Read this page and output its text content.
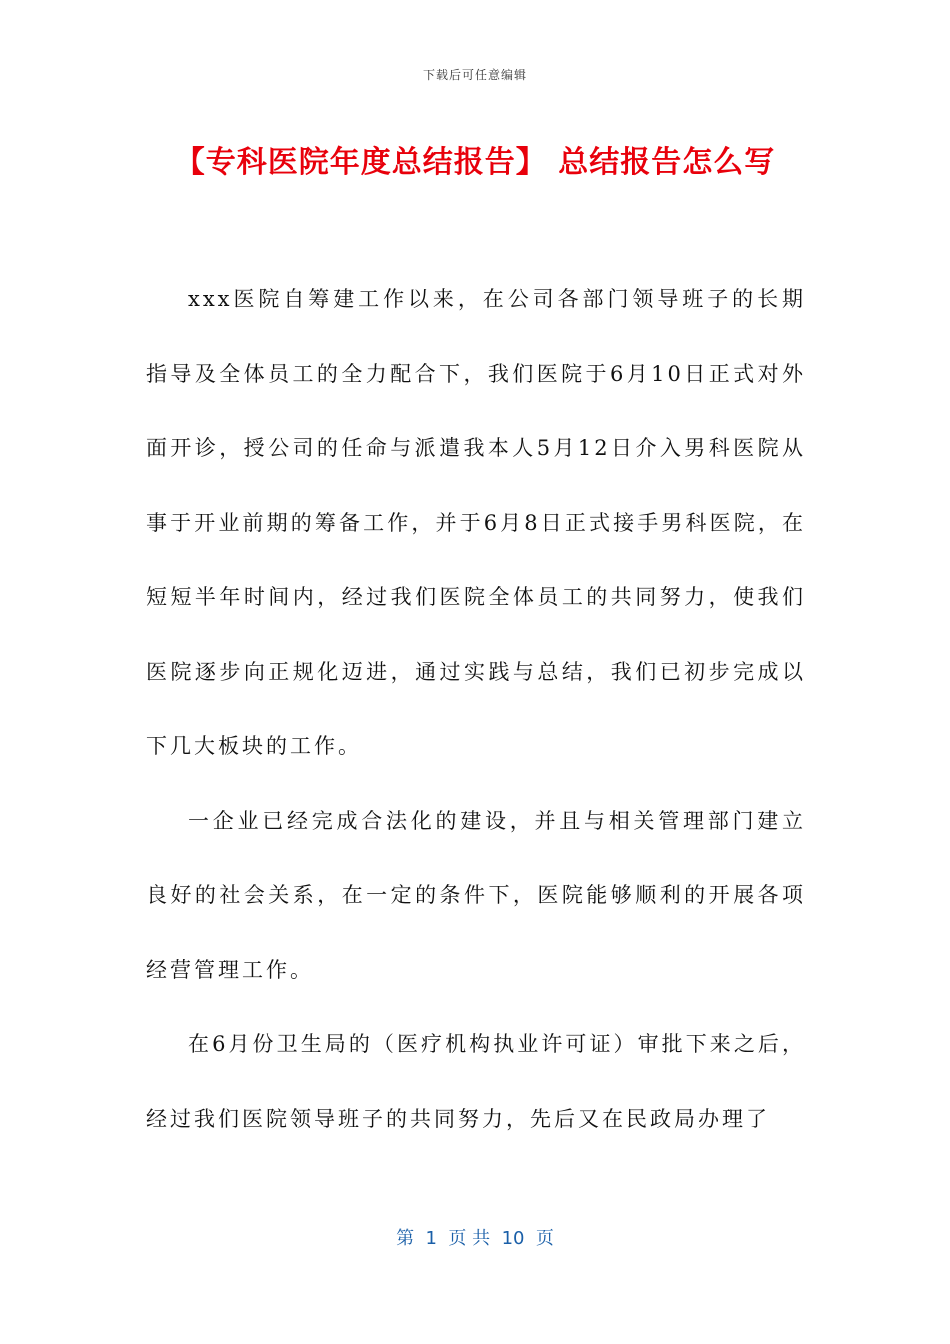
下载后可任意编辑
【专科医院年度总结报告】 总结报告怎么写

xxx医院自筹建工作以来，在公司各部门领导班子的长期指导及全体员工的全力配合下，我们医院于6月10日正式对外面开诊，授公司的任命与派遣我本人5月12日介入男科医院从事于开业前期的筹备工作，并于6月8日正式接手男科医院，在短短半年时间内，经过我们医院全体员工的共同努力，使我们医院逐步向正规化迈进，通过实践与总结，我们已初步完成以下几大板块的工作。

一企业已经完成合法化的建设，并且与相关管理部门建立良好的社会关系，在一定的条件下，医院能够顺利的开展各项经营管理工作。

在6月份卫生局的（医疗机构执业许可证）审批下来之后，经过我们医院领导班子的共同努力，先后又在民政局办理了

第  1  页 共  10  页
